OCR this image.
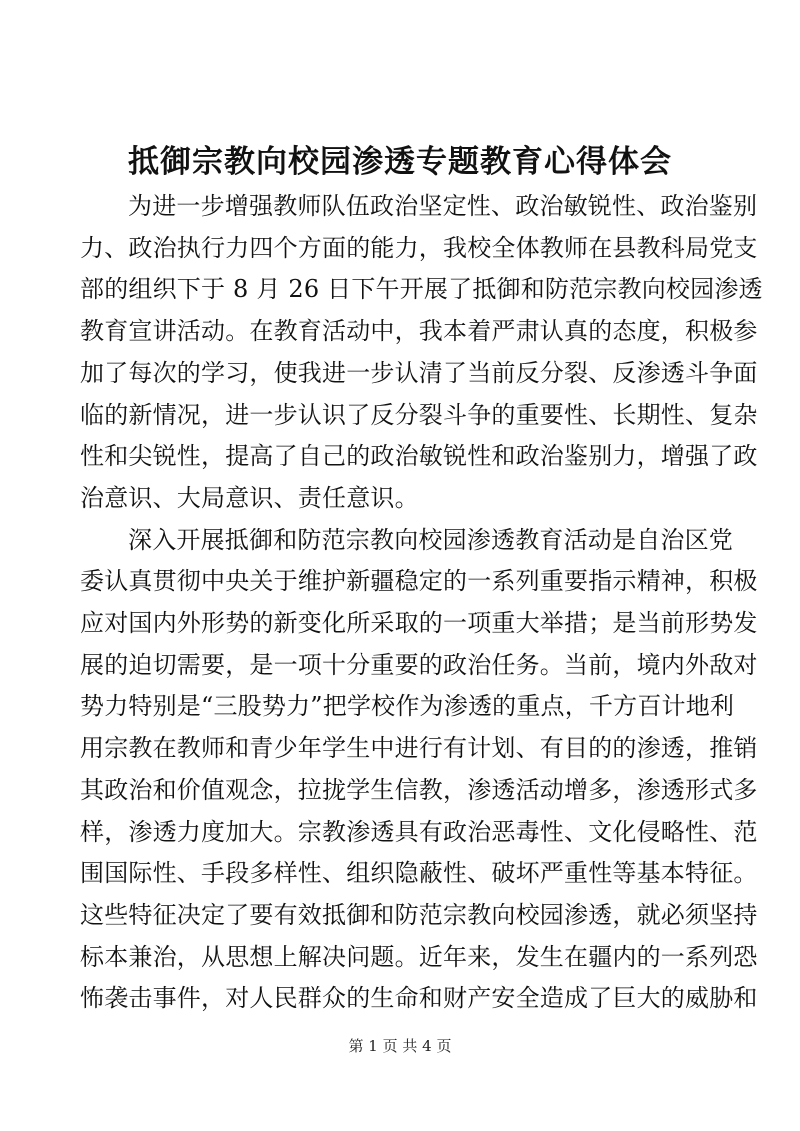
抵御宗教向校园渗透专题教育心得体会

为进一步增强教师队伍政治坚定性、政治敏锐性、政治鉴别
力、政治执行力四个方面的能力，我校全体教师在县教科局党支
部的组织下于 8 月 26 日下午开展了抵御和防范宗教向校园渗透
教育宣讲活动。在教育活动中，我本着严肃认真的态度，积极参
加了每次的学习，使我进一步认清了当前反分裂、反渗透斗争面
临的新情况，进一步认识了反分裂斗争的重要性、长期性、复杂
性和尖锐性，提高了自己的政治敏锐性和政治鉴别力，增强了政
治意识、大局意识、责任意识。

深入开展抵御和防范宗教向校园渗透教育活动是自治区党
委认真贯彻中央关于维护新疆稳定的一系列重要指示精神，积极
应对国内外形势的新变化所采取的一项重大举措；是当前形势发
展的迫切需要，是一项十分重要的政治任务。当前，境内外敌对
势力特别是“三股势力”把学校作为渗透的重点，千方百计地利
用宗教在教师和青少年学生中进行有计划、有目的的渗透，推销
其政治和价值观念，拉拢学生信教，渗透活动增多，渗透形式多
样，渗透力度加大。宗教渗透具有政治恶毒性、文化侵略性、范
围国际性、手段多样性、组织隐蔽性、破坏严重性等基本特征。
这些特征决定了要有效抵御和防范宗教向校园渗透，就必须坚持
标本兼治，从思想上解决问题。近年来，发生在疆内的一系列恐
怖袭击事件，对人民群众的生命和财产安全造成了巨大的威胁和

第 1 页 共 4 页
